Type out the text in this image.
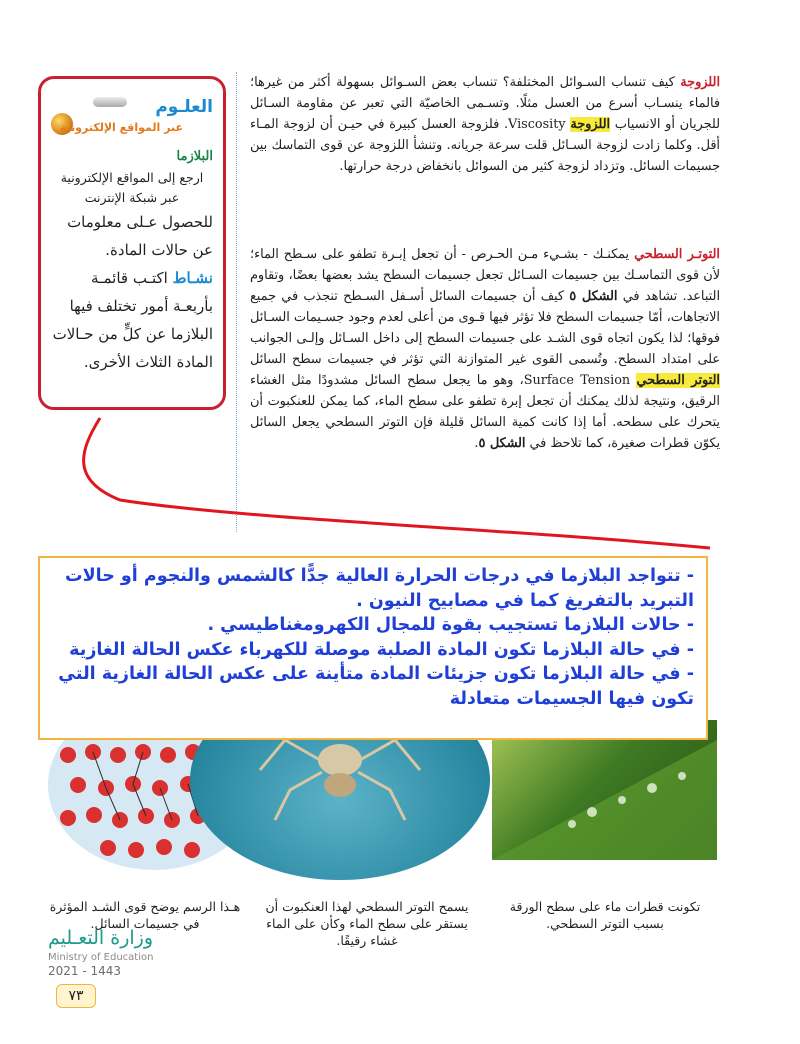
العلـوم
عبر المواقع الإلكترونية
البلازما
ارجع إلى المواقع الإلكترونية عبر شبكة الإنترنت
للحصول عـلى معلومات عن حالات المادة.
نشـاط اكتـب قائمـة بأربعـة أمور تختلف فيها البلازما عن كلٍّ من حـالات المادة الثلاث الأخرى.
اللزوجة كيف تنساب السـوائل المختلفة؟ تنساب بعض السـوائل بسهولة أكثر من غيرها؛ فالماء ينسـاب أسرع من العسل مثلًا. وتسـمى الخاصيّة التي تعبر عن مقاومة السـائل للجريان أو الانسياب اللزوجة Viscosity. فلزوجة العسل كبيرة في حيـن أن لزوجة المـاء أقل. وكلما زادت لزوجة السـائل قلت سرعة جريانه. وتنشأ اللزوجة عن قوى التماسك بين جسيمات السائل. وتزداد لزوجة كثير من السوائل بانخفاض درجة حرارتها.
التوتـر السطحي يمكنـك - بشـيء مـن الحـرص - أن تجعل إبـرة تطفو على سـطح الماء؛ لأن قوى التماسـك بين جسيمات السـائل تجعل جسيمات السطح يشد بعضها بعضًا، وتقاوم التباعد. تشاهد في الشكل ٥ كيف أن جسيمات السائل أسـفل السـطح تنجذب في جميع الاتجاهات، أمّا جسيمات السطح فلا تؤثر فيها قـوى من أعلى لعدم وجود جسـيمات السـائل فوقها؛ لذا يكون اتجاه قوى الشـد على جسيمات السطح إلى داخل السـائل وإلـى الجوانب على امتداد السطح. وتُسمى القوى غير المتوازنة التي تؤثر في جسيمات سطح السائل التوتر السطحي Surface Tension، وهو ما يجعل سطح السائل مشدودًا مثل الغشاء الرقيق، ونتيجة لذلك يمكنك أن تجعل إبرة تطفو على سطح الماء، كما يمكن للعنكبوت أن يتحرك على سطحه. أما إذا كانت كمية السائل قليلة فإن التوتر السطحي يجعل السائل يكوّن قطرات صغيرة، كما تلاحظ في الشكل ٥.
هـذا الرسم يوضح قوى الشـد المؤثرة في جسيمات السائل.
يسمح التوتر السطحي لهذا العنكبوت أن يستقر على سطح الماء وكأن على الماء غشاء رقيقًا.
تكونت قطرات ماء على سطح الورقة بسبب التوتر السطحي.
وزارة التعـليم
Ministry of Education
2021 - 1443
٧٣
- تتواجد البلازما في درجات الحرارة العالية جدًّا كالشمس والنجوم أو حالات التبريد بالتفريغ كما في مصابيح النيون .
- حالات البلازما تستجيب بقوة للمجال الكهرومغناطيسي .
- في حالة البلازما تكون المادة الصلبة موصلة للكهرباء عكس الحالة الغازية
- في حالة البلازما تكون جزيئات المادة متأينة على عكس الحالة الغازية التي تكون فيها الجسيمات متعادلة
